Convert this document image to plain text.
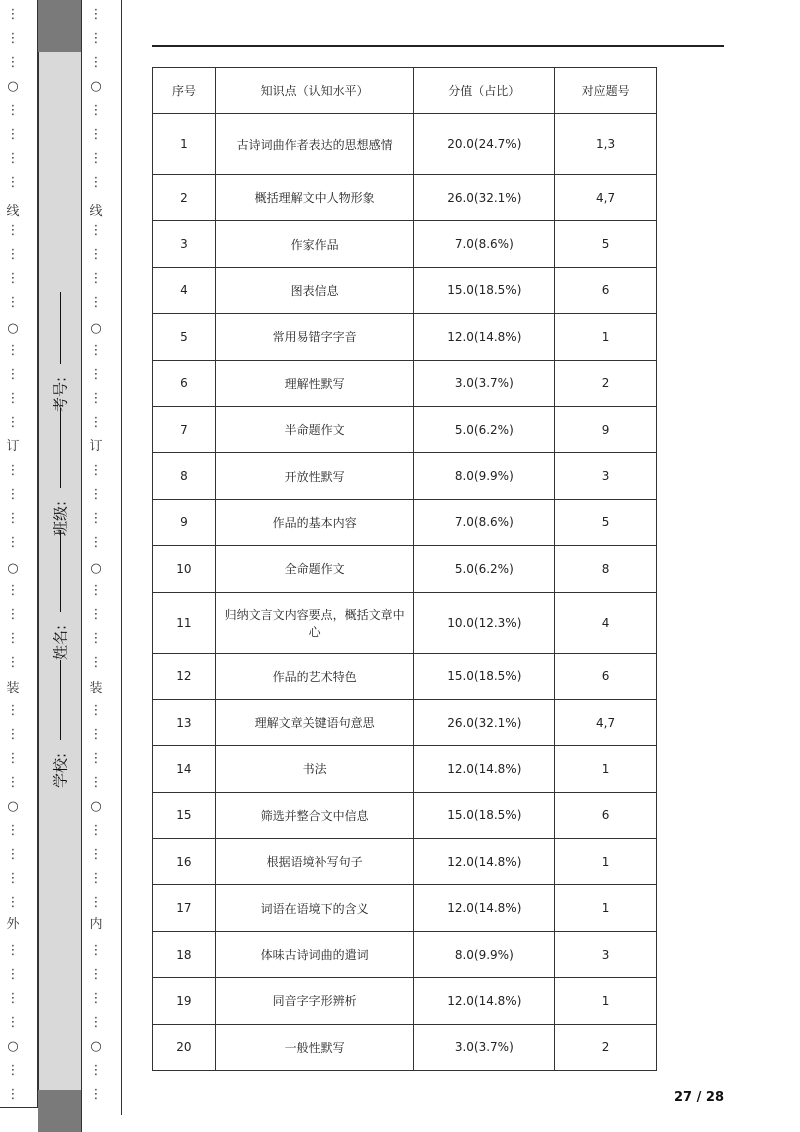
⋮
⋮
⋮
○
⋮
⋮
⋮
⋮
线
⋮
⋮
⋮
⋮
○
⋮
⋮
⋮
⋮
订
⋮
⋮
⋮
⋮
○
⋮
⋮
⋮
⋮
装
⋮
⋮
⋮
⋮
○
⋮
⋮
⋮
⋮
外
⋮
⋮
⋮
⋮
○
⋮
⋮
学校:
姓名:
班级:
考号:
⋮
⋮
⋮
○
⋮
⋮
⋮
⋮
线
⋮
⋮
⋮
⋮
○
⋮
⋮
⋮
⋮
订
⋮
⋮
⋮
⋮
○
⋮
⋮
⋮
⋮
装
⋮
⋮
⋮
⋮
○
⋮
⋮
⋮
⋮
内
⋮
⋮
⋮
⋮
○
⋮
⋮
序号	知识点（认知水平）	分值（占比）	对应题号
1	古诗词曲作者表达的思想感情	20.0(24.7%)	1,3
2	概括理解文中人物形象	26.0(32.1%)	4,7
3	作家作品	7.0(8.6%)	5
4	图表信息	15.0(18.5%)	6
5	常用易错字字音	12.0(14.8%)	1
6	理解性默写	3.0(3.7%)	2
7	半命题作文	5.0(6.2%)	9
8	开放性默写	8.0(9.9%)	3
9	作品的基本内容	7.0(8.6%)	5
10	全命题作文	5.0(6.2%)	8
11	归纳文言文内容要点，概括文章中心	10.0(12.3%)	4
12	作品的艺术特色	15.0(18.5%)	6
13	理解文章关键语句意思	26.0(32.1%)	4,7
14	书法	12.0(14.8%)	1
15	筛选并整合文中信息	15.0(18.5%)	6
16	根据语境补写句子	12.0(14.8%)	1
17	词语在语境下的含义	12.0(14.8%)	1
18	体味古诗词曲的遣词	8.0(9.9%)	3
19	同音字字形辨析	12.0(14.8%)	1
20	一般性默写	3.0(3.7%)	2
27 / 28
